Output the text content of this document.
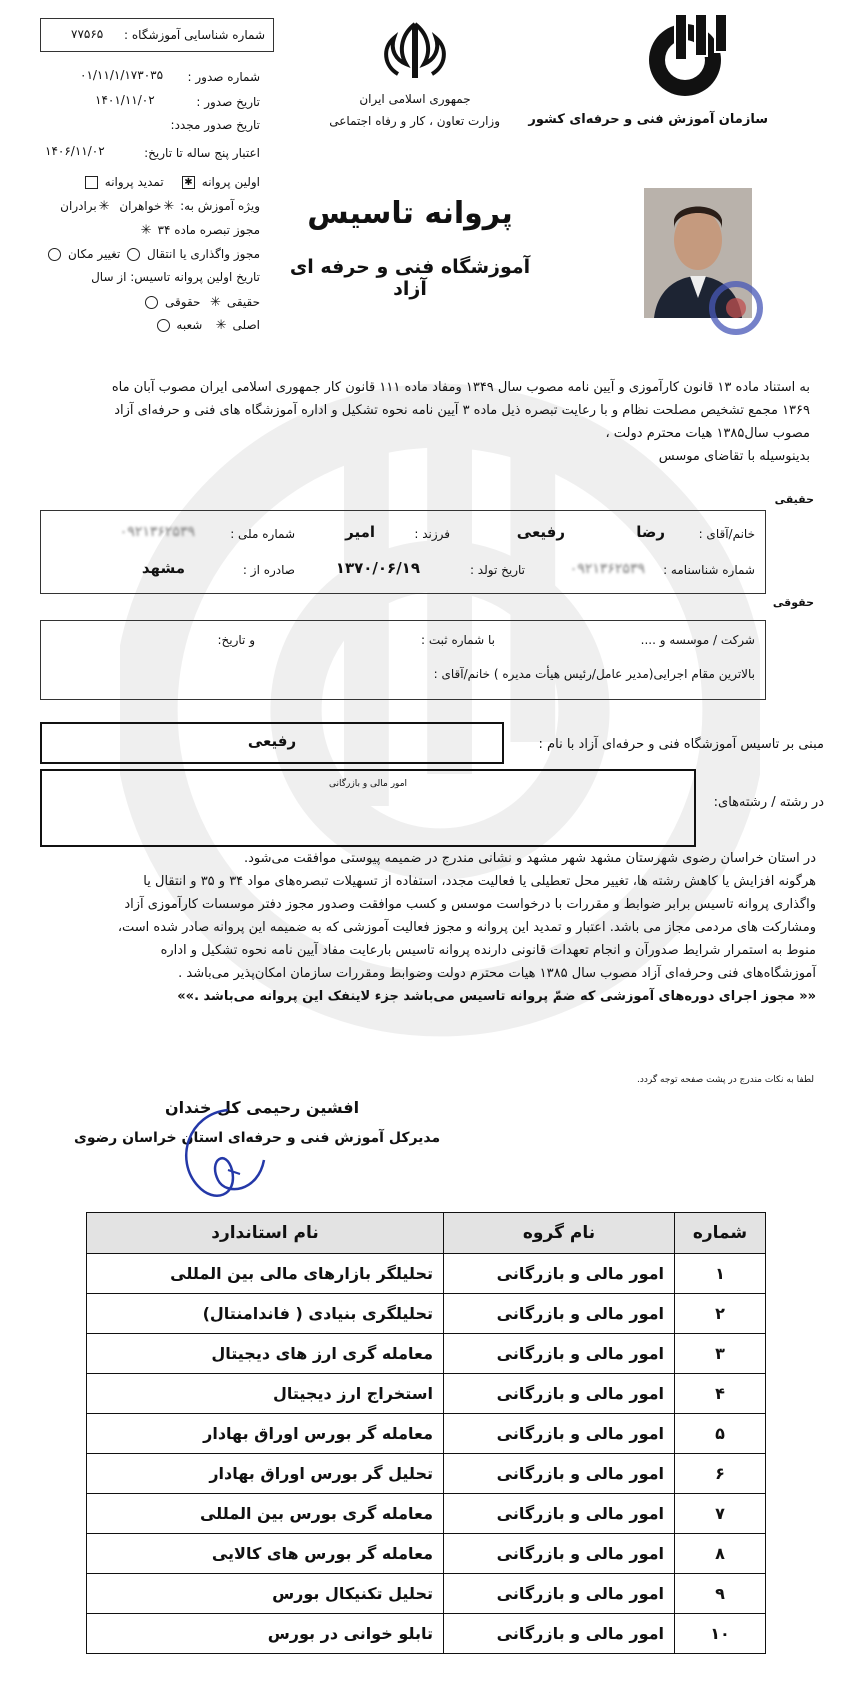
شماره شناسایی آموزشگاه :
۷۷۵۶۵
شماره صدور :
۰۱/۱۱/۱/۱۷۳۰۳۵
تاریخ صدور :
۱۴۰۱/۱۱/۰۲
تاریخ صدور مجدد:
اعتبار پنج ساله تا تاریخ:
۱۴۰۶/۱۱/۰۲
اولین پروانه ✱    تمدید پروانه
ویژه آموزش به: ✳خواهران  ✳برادران
مجوز تبصره ماده ۳۴ ✳
مجوز واگذاری یا انتقال  تغییر مکان
تاریخ اولین پروانه تاسیس: از سال
حقیقی ✳  حقوقی
اصلی ✳   شعبه
جمهوری اسلامی ایران
وزارت تعاون ، کار و رفاه اجتماعی سازمان آموزش فنی و حرفه‌ای کشور
پروانه تاسیس
آموزشگاه فنی و حرفه ای آزاد
به استناد ماده ۱۳ قانون کارآموزی و آیین نامه مصوب سال ۱۳۴۹ ومفاد ماده ۱۱۱ قانون کار جمهوری اسلامی ایران مصوب آبان ماه
۱۳۶۹ مجمع تشخیص مصلحت نظام و با رعایت تبصره ذیل ماده ۳ آیین نامه نحوه تشکیل و اداره آموزشگاه های فنی و حرفه‌ای آزاد
مصوب سال۱۳۸۵ هیات محترم دولت ،
بدینوسیله با تقاضای موسس
حقیقی
خانم/آقای :
رضا
رفیعی
فرزند :
امیر
شماره ملی :
۰۹۲۱۳۶۲۵۳۹
شماره شناسنامه :
۰۹۲۱۳۶۲۵۳۹
تاریخ تولد :
۱۳۷۰/۰۶/۱۹
صادره از :
مشهد
حقوقی
شرکت / موسسه و ....
با شماره ثبت :
و تاریخ:
بالاترین مقام اجرایی(مدیر عامل/رئیس هیأت مدیره ) خانم/آقای :
مبنی بر تاسیس آموزشگاه فنی و حرفه‌ای آزاد با نام :
رفیعی
در رشته / رشته‌های:
امور مالی و بازرگانی
در استان خراسان رضوی شهرستان مشهد شهر مشهد و نشانی مندرج در ضمیمه پیوستی موافقت می‌شود.
هرگونه افزایش یا کاهش رشته ها، تغییر محل تعطیلی یا فعالیت مجدد، استفاده از تسهیلات تبصره‌های مواد ۳۴ و ۳۵ و انتقال یا
واگذاری پروانه تاسیس برابر ضوابط و مقررات با درخواست موسس و کسب موافقت وصدور مجوز دفتر موسسات کارآموزی آزاد
ومشارکت های مردمی مجاز می باشد. اعتبار و تمدید این پروانه و مجوز فعالیت آموزشی که به ضمیمه این پروانه صادر شده است،
منوط به استمرار شرایط صدورآن و انجام تعهدات قانونی دارنده پروانه تاسیس بارعایت مفاد آیین نامه نحوه تشکیل و اداره
آموزشگاه‌های فنی وحرفه‌ای آزاد مصوب سال ۱۳۸۵ هیات محترم دولت وضوابط ومقررات سازمان امکان‌پذیر می‌باشد .
«« مجوز اجرای دوره‌های آموزشی که ضمّ پروانه تاسیس می‌باشد جزء لاینفک این پروانه می‌باشد .»»
لطفا به نکات مندرج در پشت صفحه توجه گردد.
افشین رحیمی کل خندان
مدیرکل آموزش فنی و حرفه‌ای استان خراسان رضوی
شماره	نام گروه	نام استاندارد
۱	امور مالی و بازرگانی	تحلیلگر بازارهای مالی بین المللی
۲	امور مالی و بازرگانی	تحلیلگری بنیادی ( فاندامنتال)
۳	امور مالی و بازرگانی	معامله گری ارز های دیجیتال
۴	امور مالی و بازرگانی	استخراج ارز دیجیتال
۵	امور مالی و بازرگانی	معامله گر بورس اوراق بهادار
۶	امور مالی و بازرگانی	تحلیل گر بورس اوراق بهادار
۷	امور مالی و بازرگانی	معامله گری بورس بین المللی
۸	امور مالی و بازرگانی	معامله گر بورس های کالایی
۹	امور مالی و بازرگانی	تحلیل تکنیکال بورس
۱۰	امور مالی و بازرگانی	تابلو خوانی در بورس
